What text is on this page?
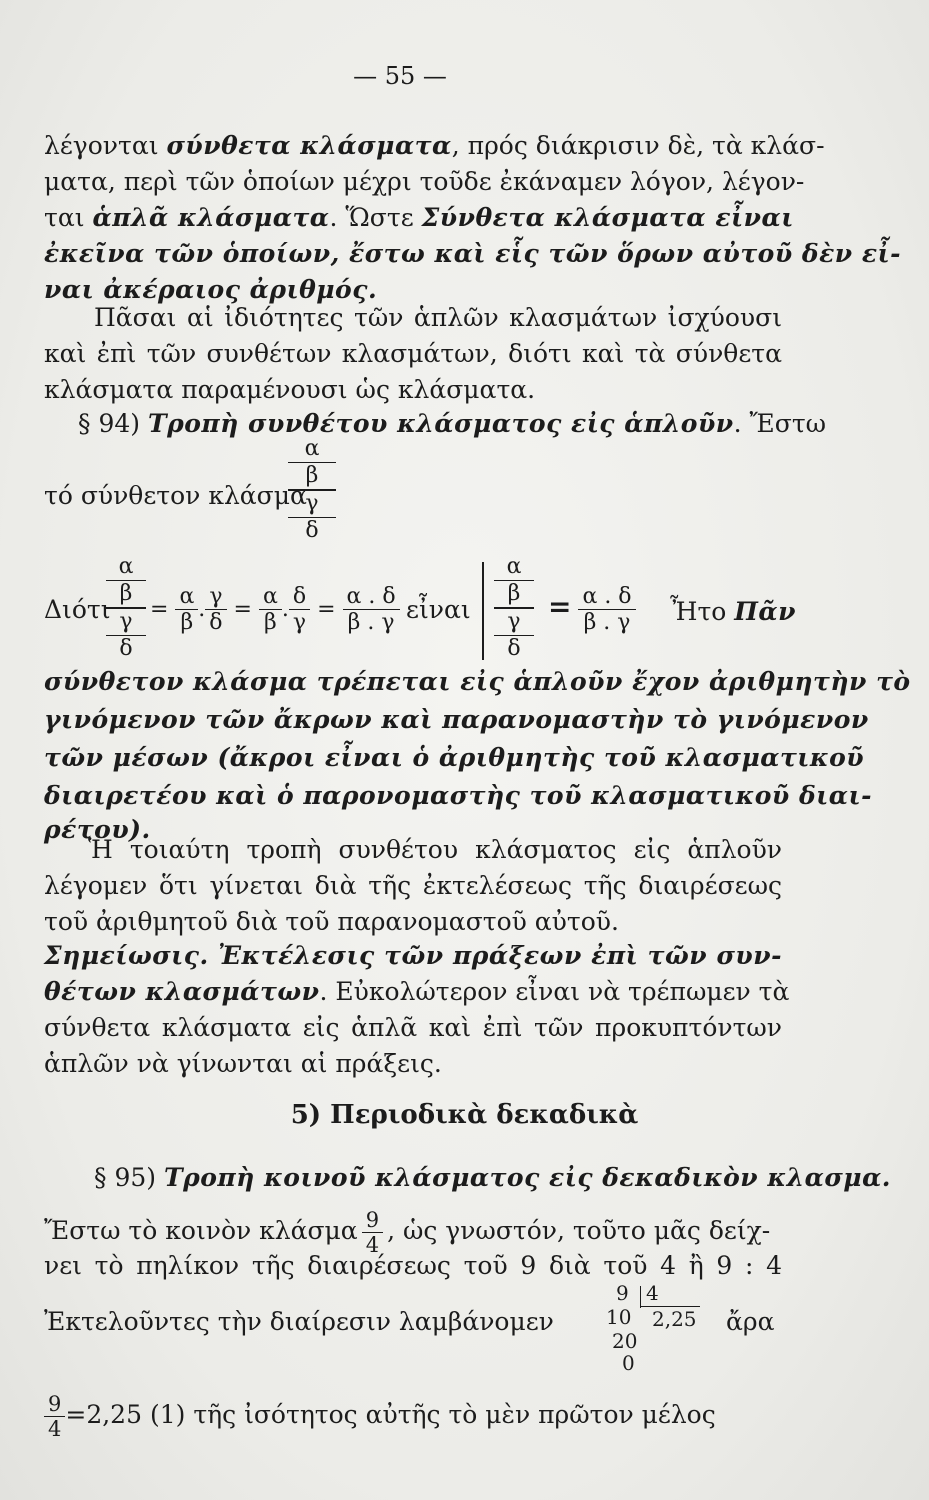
— 55 —
λέγονται σύνθετα κλάσματα, πρός διάκρισιν δὲ, τὰ κλάσ-
ματα, περὶ τῶν ὁποίων μέχρι τοῦδε ἐκάναμεν λόγον, λέγον-
ται ἁπλᾶ κλάσματα. Ὥστε Σύνθετα κλάσματα εἶναι
ἐκεῖνα τῶν ὁποίων, ἔστω καὶ εἷς τῶν ὅρων αὐτοῦ δὲν εἶ-
ναι ἀκέραιος ἀριθμός.
Πᾶσαι αἱ ἰδιότητες τῶν ἁπλῶν κλασμάτων ἰσχύουσι
καὶ ἐπὶ τῶν συνθέτων κλασμάτων, διότι καὶ τὰ σύνθετα
κλάσματα παραμένουσι ὡς κλάσματα.
§ 94) Τροπὴ συνθέτου κλάσματος εἰς ἁπλοῦν. Ἔστω
τό σύνθετον κλάσμα
α
β
γ
δ
Διότι
α
β
γ
δ
= $\frac{\alpha}{\beta}$ . $\frac{\gamma}{\delta} = \frac{\alpha}{\beta}$ . $\frac{\delta}{\gamma} = \frac{\alpha . \delta}{\beta . \gamma}$ εἶναι
α
β
γ
δ
= $\frac{\alpha . \delta}{\beta . \gamma}$ Ἦτο Πᾶν
σύνθετον κλάσμα τρέπεται εἰς ἁπλοῦν ἔχον ἀριθμητὴν τὸ
γινόμενον τῶν ἄκρων καὶ παρανομαστὴν τὸ γινόμενον
τῶν μέσων (ἄκροι εἶναι ὁ ἀριθμητὴς τοῦ κλασματικοῦ
διαιρετέου καὶ ὁ παρονομαστὴς τοῦ κλασματικοῦ διαι-
ρέτου).
Ἡ τοιαύτη τροπὴ συνθέτου κλάσματος εἰς ἁπλοῦν
λέγομεν ὅτι γίνεται διὰ τῆς ἐκτελέσεως τῆς διαιρέσεως
τοῦ ἀριθμητοῦ διὰ τοῦ παρανομαστοῦ αὐτοῦ.
Σημείωσις. Ἐκτέλεσις τῶν πράξεων ἐπὶ τῶν συν-
θέτων κλασμάτων. Εὐκολώτερον εἶναι νὰ τρέπωμεν τὰ
σύνθετα κλάσματα εἰς ἁπλᾶ καὶ ἐπὶ τῶν προκυπτόντων
ἁπλῶν νὰ γίνωνται αἱ πράξεις.
5) Περιοδικὰ δεκαδικὰ
§ 95) Τροπὴ κοινοῦ κλάσματος εἰς δεκαδικὸν κλασμα.
Ἔστω τὸ κοινὸν κλάσμα $\frac{9}{4}$ , ὡς γνωστόν, τοῦτο μᾶς δείχ-
νει τὸ πηλίκον τῆς διαιρέσεως τοῦ 9 διὰ τοῦ 4 ἢ 9 : 4
Ἐκτελοῦντες τὴν διαίρεσιν λαμβάνομεν	ἄρα
9 4
10 2,25
20
0
$\frac{9}{4} =2,25$ (1) τῆς ἰσότητος αὐτῆς τὸ μὲν πρῶτον μέλος
